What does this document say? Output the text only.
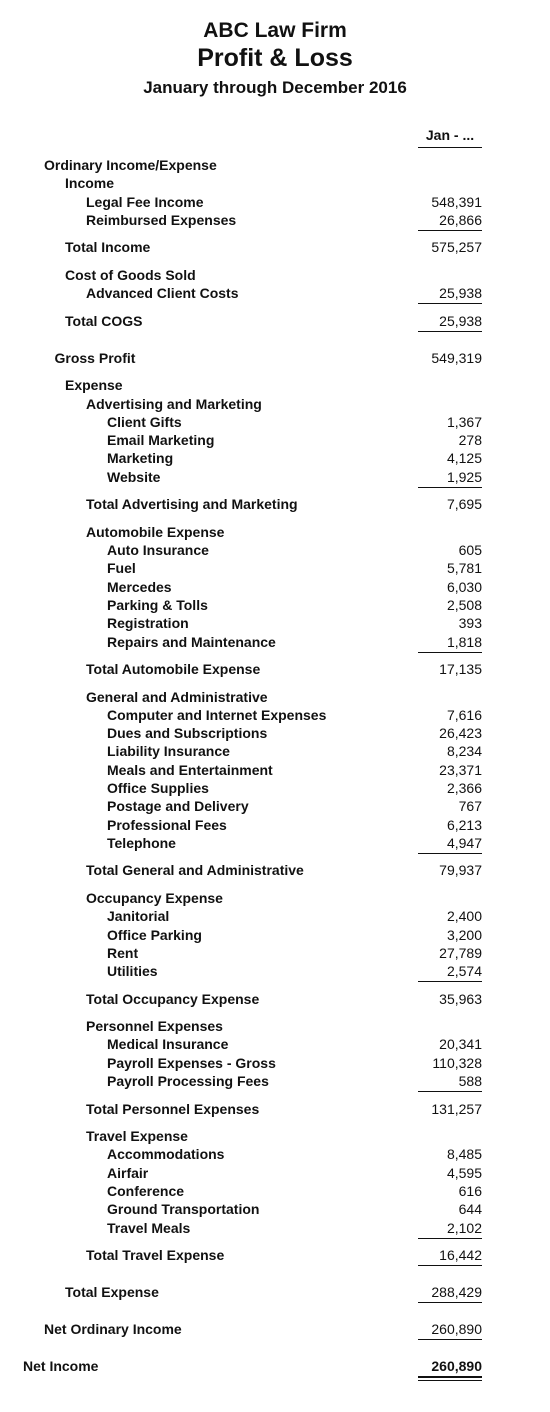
ABC Law Firm
Profit & Loss
January through December 2016
Jan - ...
Ordinary Income/Expense
Income
Legal Fee Income	548,391
Reimbursed Expenses	26,866
Total Income	575,257
Cost of Goods Sold
Advanced Client Costs	25,938
Total COGS	25,938
Gross Profit	549,319
Expense
Advertising and Marketing
Client Gifts	1,367
Email Marketing	278
Marketing	4,125
Website	1,925
Total Advertising and Marketing	7,695
Automobile Expense
Auto Insurance	605
Fuel	5,781
Mercedes	6,030
Parking & Tolls	2,508
Registration	393
Repairs and Maintenance	1,818
Total Automobile Expense	17,135
General and Administrative
Computer and Internet Expenses	7,616
Dues and Subscriptions	26,423
Liability Insurance	8,234
Meals and Entertainment	23,371
Office Supplies	2,366
Postage and Delivery	767
Professional Fees	6,213
Telephone	4,947
Total General and Administrative	79,937
Occupancy Expense
Janitorial	2,400
Office Parking	3,200
Rent	27,789
Utilities	2,574
Total Occupancy Expense	35,963
Personnel Expenses
Medical Insurance	20,341
Payroll Expenses - Gross	110,328
Payroll Processing Fees	588
Total Personnel Expenses	131,257
Travel Expense
Accommodations	8,485
Airfair	4,595
Conference	616
Ground Transportation	644
Travel Meals	2,102
Total Travel Expense	16,442
Total Expense	288,429
Net Ordinary Income	260,890
Net Income	260,890
